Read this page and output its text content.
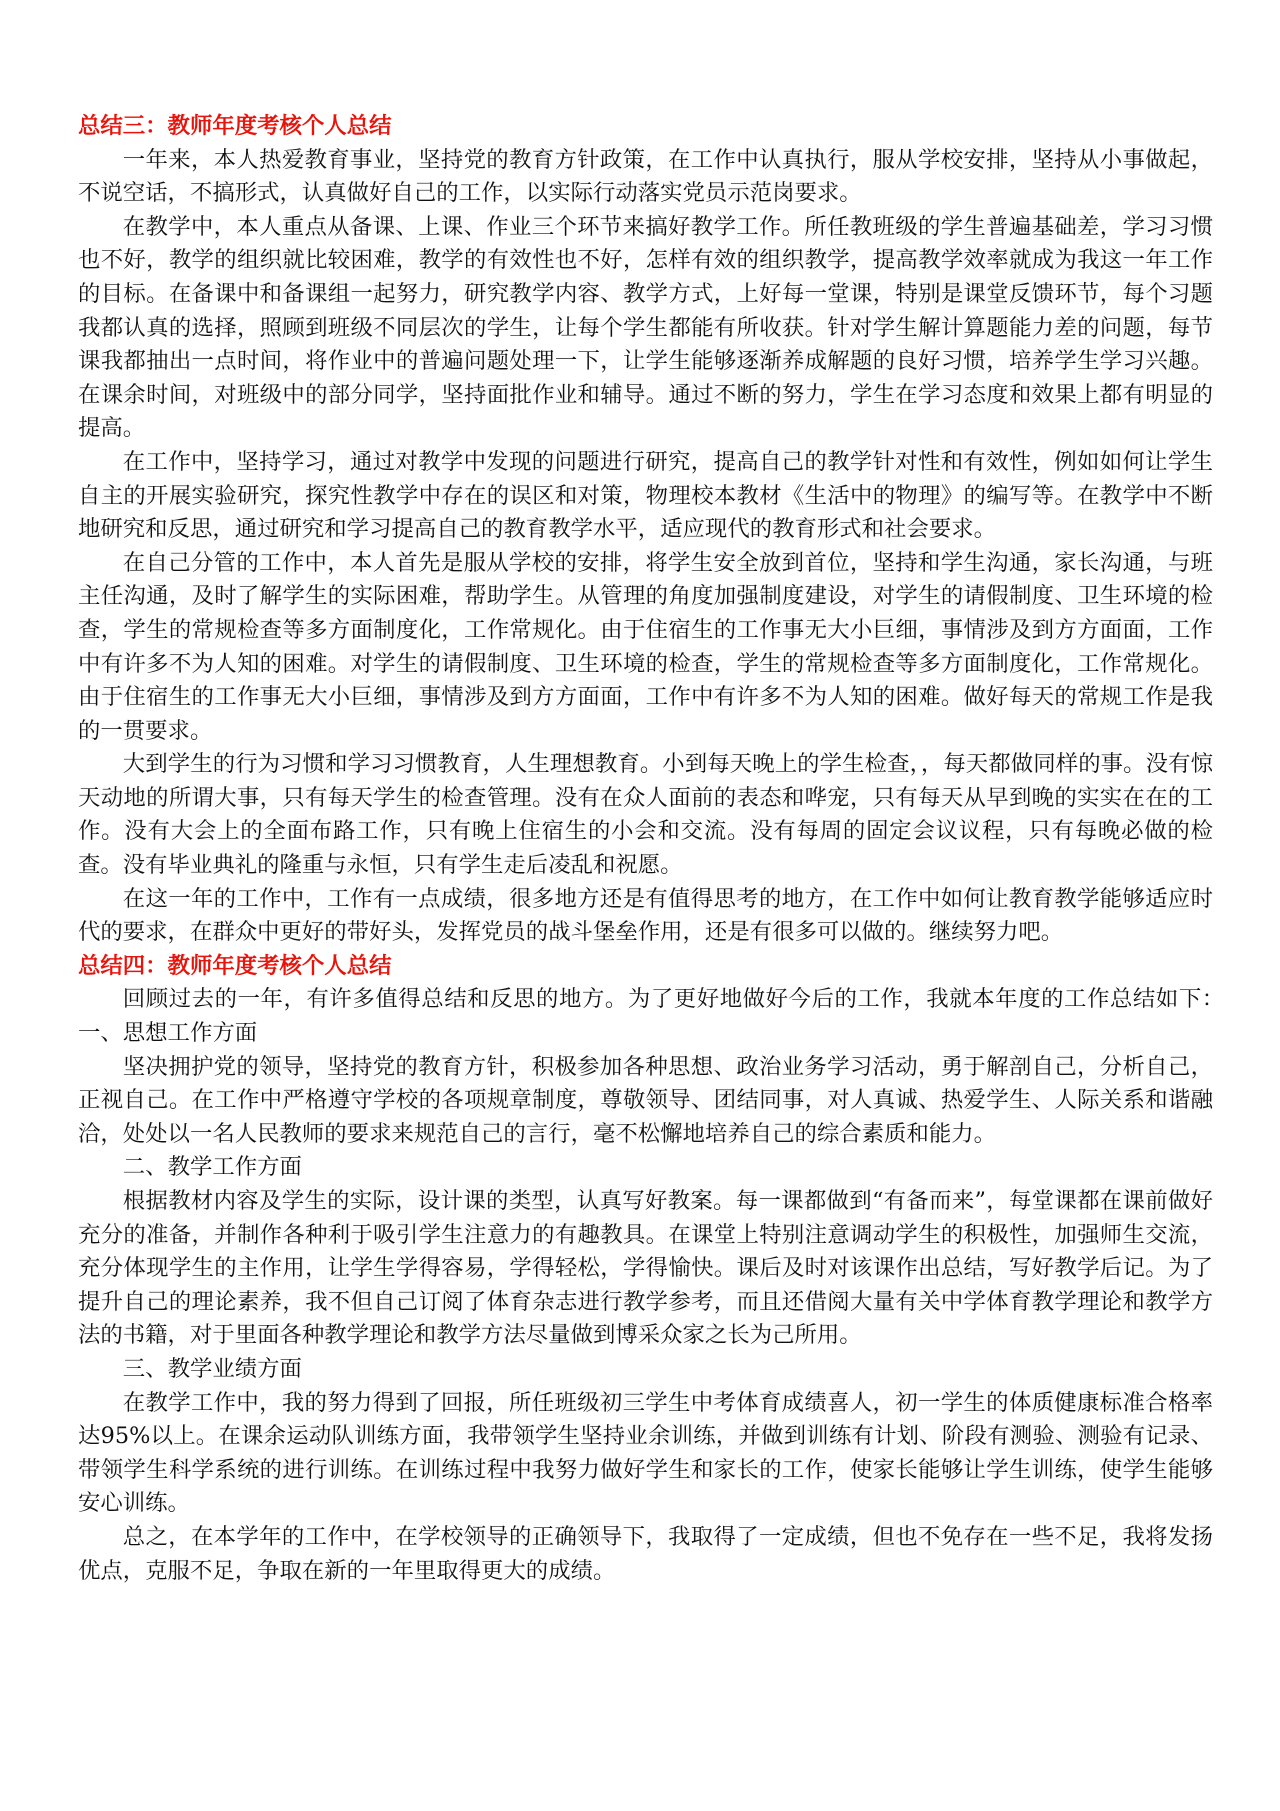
总结三：教师年度考核个人总结

一年来，本人热爱教育事业，坚持党的教育方针政策，在工作中认真执行，服从学校安排，坚持从小事做起，不说空话，不搞形式，认真做好自己的工作，以实际行动落实党员示范岗要求。

在教学中，本人重点从备课、上课、作业三个环节来搞好教学工作。所任教班级的学生普遍基础差，学习习惯也不好，教学的组织就比较困难，教学的有效性也不好，怎样有效的组织教学，提高教学效率就成为我这一年工作的目标。在备课中和备课组一起努力，研究教学内容、教学方式，上好每一堂课，特别是课堂反馈环节，每个习题我都认真的选择，照顾到班级不同层次的学生，让每个学生都能有所收获。针对学生解计算题能力差的问题，每节课我都抽出一点时间，将作业中的普遍问题处理一下，让学生能够逐渐养成解题的良好习惯，培养学生学习兴趣。在课余时间，对班级中的部分同学，坚持面批作业和辅导。通过不断的努力，学生在学习态度和效果上都有明显的提高。

在工作中，坚持学习，通过对教学中发现的问题进行研究，提高自己的教学针对性和有效性，例如如何让学生自主的开展实验研究，探究性教学中存在的误区和对策，物理校本教材《生活中的物理》的编写等。在教学中不断地研究和反思，通过研究和学习提高自己的教育教学水平，适应现代的教育形式和社会要求。

在自己分管的工作中，本人首先是服从学校的安排，将学生安全放到首位，坚持和学生沟通，家长沟通，与班主任沟通，及时了解学生的实际困难，帮助学生。从管理的角度加强制度建设，对学生的请假制度、卫生环境的检查，学生的常规检查等多方面制度化，工作常规化。由于住宿生的工作事无大小巨细，事情涉及到方方面面，工作中有许多不为人知的困难。对学生的请假制度、卫生环境的检查，学生的常规检查等多方面制度化，工作常规化。由于住宿生的工作事无大小巨细，事情涉及到方方面面，工作中有许多不为人知的困难。做好每天的常规工作是我的一贯要求。

大到学生的行为习惯和学习习惯教育，人生理想教育。小到每天晚上的学生检查，，每天都做同样的事。没有惊天动地的所谓大事，只有每天学生的检查管理。没有在众人面前的表态和哗宠，只有每天从早到晚的实实在在的工作。没有大会上的全面布路工作，只有晚上住宿生的小会和交流。没有每周的固定会议议程，只有每晚必做的检查。没有毕业典礼的隆重与永恒，只有学生走后凌乱和祝愿。

在这一年的工作中，工作有一点成绩，很多地方还是有值得思考的地方，在工作中如何让教育教学能够适应时代的要求，在群众中更好的带好头，发挥党员的战斗堡垒作用，还是有很多可以做的。继续努力吧。

总结四：教师年度考核个人总结

回顾过去的一年，有许多值得总结和反思的地方。为了更好地做好今后的工作，我就本年度的工作总结如下：　　　一、思想工作方面

坚决拥护党的领导，坚持党的教育方针，积极参加各种思想、政治业务学习活动，勇于解剖自己，分析自己，正视自己。在工作中严格遵守学校的各项规章制度，尊敬领导、团结同事，对人真诚、热爱学生、人际关系和谐融洽，处处以一名人民教师的要求来规范自己的言行，毫不松懈地培养自己的综合素质和能力。

二、教学工作方面

根据教材内容及学生的实际，设计课的类型，认真写好教案。每一课都做到“有备而来”，每堂课都在课前做好充分的准备，并制作各种利于吸引学生注意力的有趣教具。在课堂上特别注意调动学生的积极性，加强师生交流，充分体现学生的主作用，让学生学得容易，学得轻松，学得愉快。课后及时对该课作出总结，写好教学后记。为了提升自己的理论素养，我不但自己订阅了体育杂志进行教学参考，而且还借阅大量有关中学体育教学理论和教学方法的书籍，对于里面各种教学理论和教学方法尽量做到博采众家之长为己所用。

三、教学业绩方面

在教学工作中，我的努力得到了回报，所任班级初三学生中考体育成绩喜人，初一学生的体质健康标准合格率达95%以上。在课余运动队训练方面，我带领学生坚持业余训练，并做到训练有计划、阶段有测验、测验有记录、带领学生科学系统的进行训练。在训练过程中我努力做好学生和家长的工作，使家长能够让学生训练，使学生能够安心训练。

总之，在本学年的工作中，在学校领导的正确领导下，我取得了一定成绩，但也不免存在一些不足，我将发扬优点，克服不足，争取在新的一年里取得更大的成绩。
